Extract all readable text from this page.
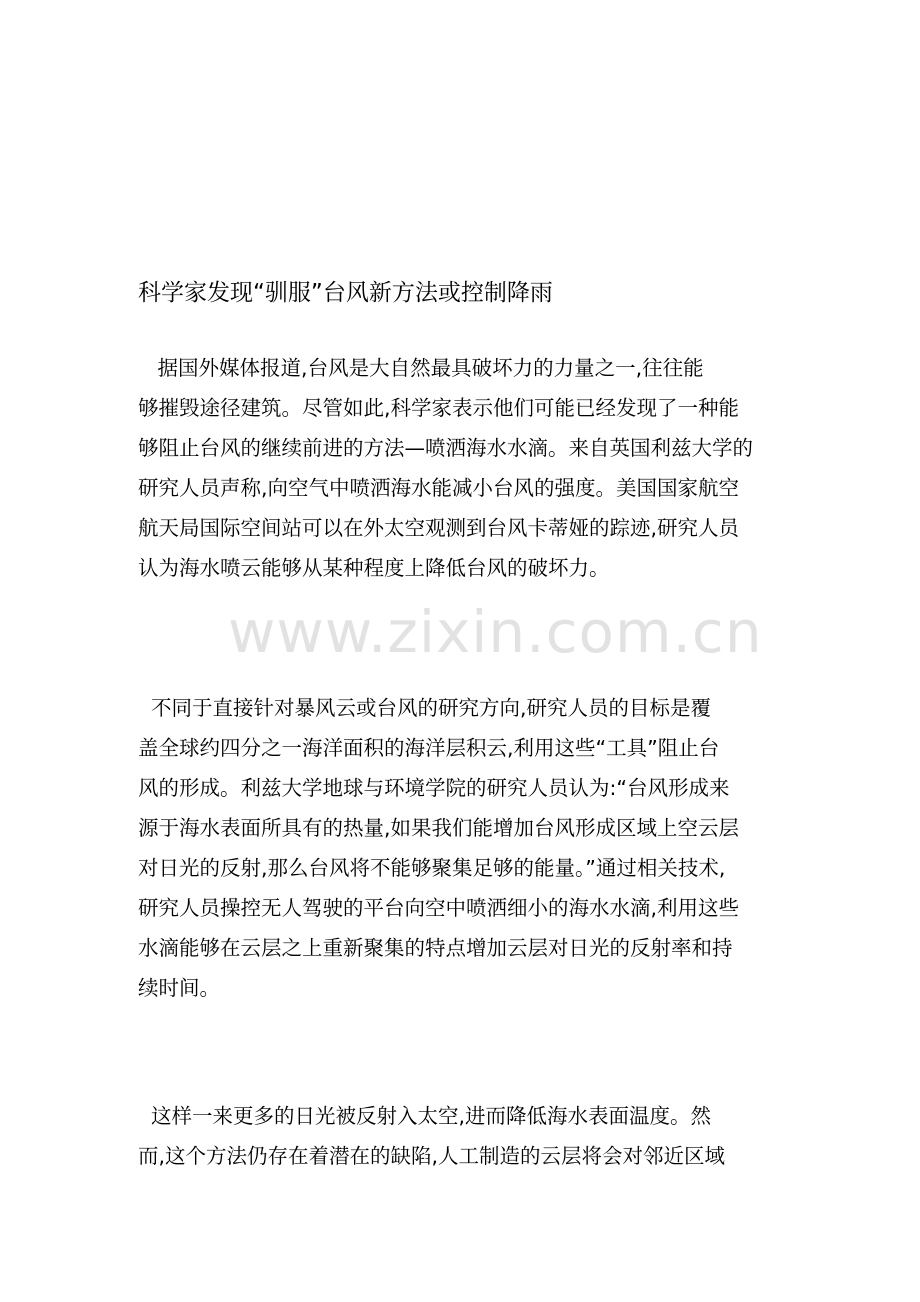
科学家发现“驯服”台风新方法或控制降雨
据国外媒体报道,台风是大自然最具破坏力的力量之一,往往能
够摧毁途径建筑。尽管如此,科学家表示他们可能已经发现了一种能
够阻止台风的继续前进的方法—喷洒海水水滴。来自英国利兹大学的
研究人员声称,向空气中喷洒海水能减小台风的强度。美国国家航空
航天局国际空间站可以在外太空观测到台风卡蒂娅的踪迹,研究人员
认为海水喷云能够从某种程度上降低台风的破坏力。
不同于直接针对暴风云或台风的研究方向,研究人员的目标是覆
盖全球约四分之一海洋面积的海洋层积云,利用这些“工具”阻止台
风的形成。利兹大学地球与环境学院的研究人员认为:“台风形成来
源于海水表面所具有的热量,如果我们能增加台风形成区域上空云层
对日光的反射,那么台风将不能够聚集足够的能量。”通过相关技术,
研究人员操控无人驾驶的平台向空中喷洒细小的海水水滴,利用这些
水滴能够在云层之上重新聚集的特点增加云层对日光的反射率和持
续时间。
这样一来更多的日光被反射入太空,进而降低海水表面温度。然
而,这个方法仍存在着潜在的缺陷,人工制造的云层将会对邻近区域
www.zixin.com.cn
